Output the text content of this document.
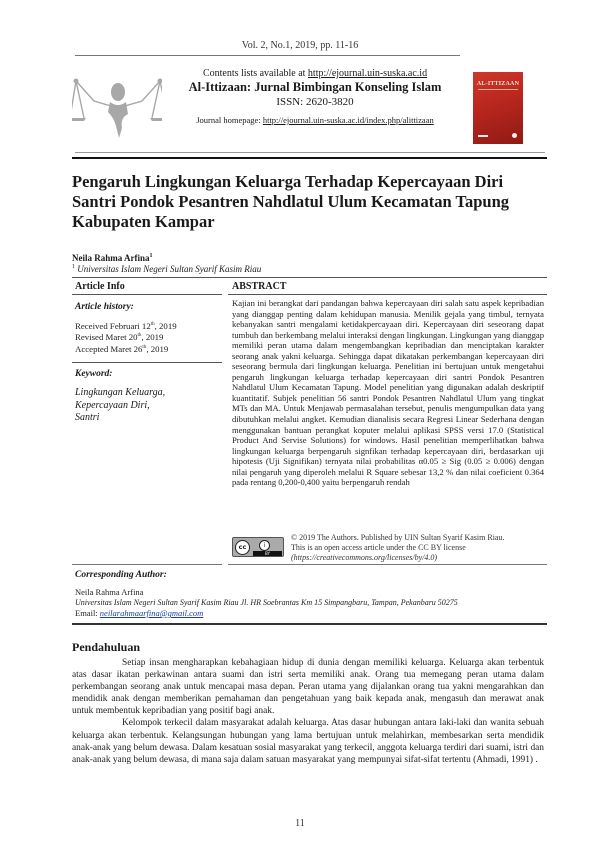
Vol. 2, No.1, 2019, pp. 11-16
Contents lists available at http://ejournal.uin-suska.ac.id
Al-Ittizaan: Jurnal Bimbingan Konseling Islam
ISSN: 2620-3820
Journal homepage: http://ejournal.uin-suska.ac.id/index.php/alittizaan
AL-ITTIZAAN
Pengaruh Lingkungan Keluarga Terhadap Kepercayaan Diri Santri Pondok Pesantren Nahdlatul Ulum Kecamatan Tapung Kabupaten Kampar
Neila Rahma Arfina$^1$
$^1$ Universitas Islam Negeri Sultan Syarif Kasim Riau
Article Info	ABSTRACT
Article history:
Received Februari 12th, 2019
Revised Maret 20th, 2019
Accepted Maret 26th, 2019
Keyword:
Lingkungan Keluarga,
Kepercayaan Diri,
Santri
Kajian ini berangkat dari pandangan bahwa kepercayaan diri salah satu aspek kepribadian yang dianggap penting dalam kehidupan manusia. Menilik gejala yang timbul, ternyata kebanyakan santri mengalami ketidakpercayaan diri. Kepercayaan diri seseorang dapat tumbuh dan berkembang melalui interaksi dengan lingkungan. Lingkungan yang dianggap memiliki peran utama dalam mengembangkan kepribadian dan menciptakan karakter seorang anak yakni keluarga. Sehingga dapat dikatakan perkembangan kepercayaan diri seseorang bermula dari lingkungan keluarga. Penelitian ini bertujuan untuk mengetahui pengaruh lingkungan keluarga terhadap kepercayaan diri santri Pondok Pesantren Nahdlatul Ulum Kecamatan Tapung. Model penelitian yang digunakan adalah deskriptif kuantitatif. Subjek penelitian 56 santri Pondok Pesantren Nahdlatul Ulum yang tingkat MTs dan MA. Untuk Menjawab permasalahan tersebut, penulis mengumpulkan data yang dibutuhkan melalui angket. Kemudian dianalisis secara Regresi Linear Sederhana dengan menggunakan bantuan perangkat koputer melalui aplikasi SPSS versi 17.0 (Statistical Product And Servise Solutions) for windows. Hasil penelitian memperlihatkan bahwa lingkungan keluarga berpengaruh signfikan terhadap kepercayaan diri, berdasarkan uji hipotesis (Uji Signifikan) ternyata nilai probabilitas α0.05 ≥ Sig (0.05 ≥ 0.006) dengan nilai pengaruh yang diperoleh melalui R Square sebesar 13,2 % dan nilai coeficient 0.364 pada rentang 0,200-0,400 yaitu berpengaruh rendah
cc	i
BY
© 2019 The Authors. Published by UIN Sultan Syarif Kasim Riau.
This is an open access article under the CC BY license
(https://creativecommons.org/licenses/by/4.0)
Corresponding Author:
Neila Rahma Arfina
Universitas Islam Negeri Sultan Syarif Kasim Riau Jl. HR Soebrantas Km 15 Simpangbaru, Tampan, Pekanbaru 50275
Email: neilarahmaarfina@gmail.com
Pendahuluan

Setiap insan mengharapkan kebahagiaan hidup di dunia dengan memiliki keluarga. Keluarga akan terbentuk atas dasar ikatan perkawinan antara suami dan istri serta memiliki anak. Orang tua memegang peran utama dalam perkembangan seorang anak untuk mencapai masa depan. Peran utama yang dijalankan orang tua yakni mengarahkan dan mendidik anak dengan memberikan pemahaman dan pengetahuan yang baik kepada anak, mengasuh dan merawat anak untuk membentuk kepribadian yang positif bagi anak.

Kelompok terkecil dalam masyarakat adalah keluarga. Atas dasar hubungan antara laki-laki dan wanita sebuah keluarga akan terbentuk. Kelangsungan hubungan yang lama bertujuan untuk melahirkan, membesarkan serta mendidik anak-anak yang belum dewasa. Dalam kesatuan sosial masyarakat yang terkecil, anggota keluarga terdiri dari suami, istri dan anak-anak yang belum dewasa, di mana saja dalam satuan masyarakat yang mempunyai sifat-sifat tertentu (Ahmadi, 1991) .

11
